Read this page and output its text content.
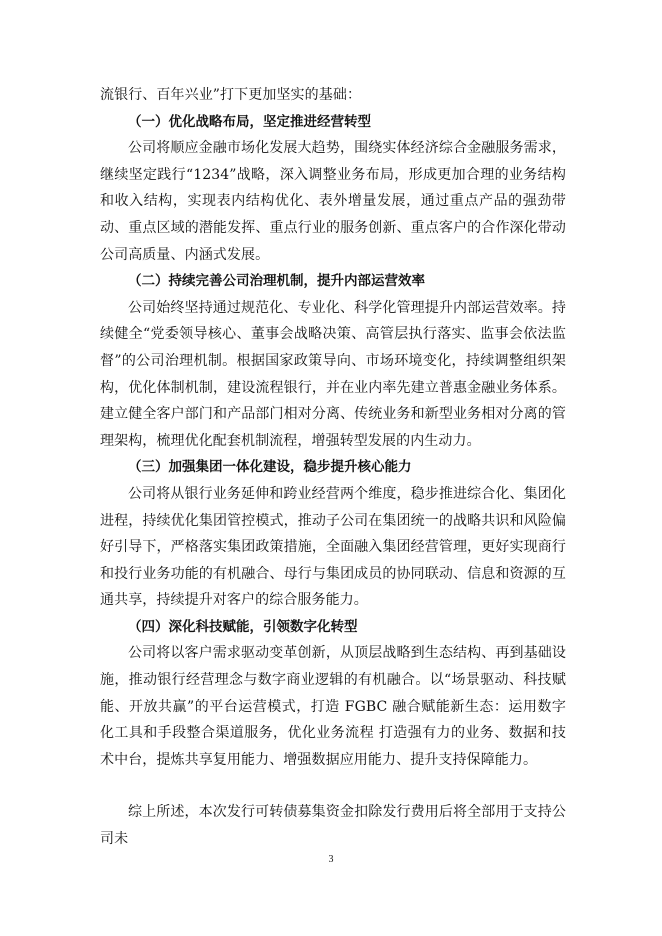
流银行、百年兴业”打下更加坚实的基础：

（一）优化战略布局，坚定推进经营转型

公司将顺应金融市场化发展大趋势，围绕实体经济综合金融服务需求，继续坚定践行“1234”战略，深入调整业务布局，形成更加合理的业务结构和收入结构，实现表内结构优化、表外增量发展，通过重点产品的强劲带动、重点区域的潜能发挥、重点行业的服务创新、重点客户的合作深化带动公司高质量、内涵式发展。

（二）持续完善公司治理机制，提升内部运营效率

公司始终坚持通过规范化、专业化、科学化管理提升内部运营效率。持续健全“党委领导核心、董事会战略决策、高管层执行落实、监事会依法监督”的公司治理机制。根据国家政策导向、市场环境变化，持续调整组织架构，优化体制机制，建设流程银行，并在业内率先建立普惠金融业务体系。建立健全客户部门和产品部门相对分离、传统业务和新型业务相对分离的管理架构，梳理优化配套机制流程，增强转型发展的内生动力。

（三）加强集团一体化建设，稳步提升核心能力

公司将从银行业务延伸和跨业经营两个维度，稳步推进综合化、集团化进程，持续优化集团管控模式，推动子公司在集团统一的战略共识和风险偏好引导下，严格落实集团政策措施，全面融入集团经营管理，更好实现商行和投行业务功能的有机融合、母行与集团成员的协同联动、信息和资源的互通共享，持续提升对客户的综合服务能力。

（四）深化科技赋能，引领数字化转型

公司将以客户需求驱动变革创新，从顶层战略到生态结构、再到基础设施，推动银行经营理念与数字商业逻辑的有机融合。以“场景驱动、科技赋能、开放共赢”的平台运营模式，打造 FGBC 融合赋能新生态：运用数字化工具和手段整合渠道服务，优化业务流程 打造强有力的业务、数据和技术中台，提炼共享复用能力、增强数据应用能力、提升支持保障能力。

综上所述，本次发行可转债募集资金扣除发行费用后将全部用于支持公司未

3
